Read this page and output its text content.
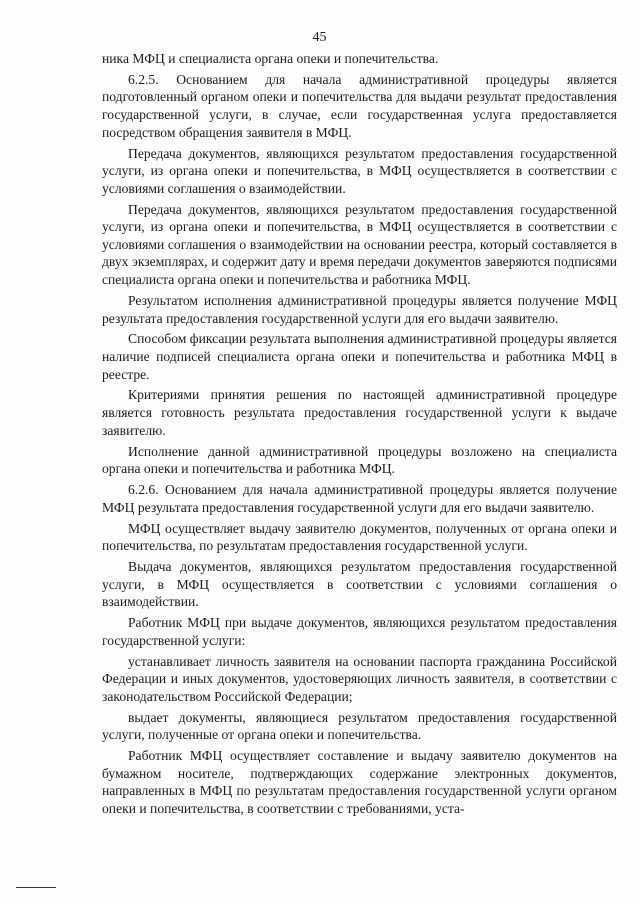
45

ника МФЦ и специалиста органа опеки и попечительства.

6.2.5. Основанием для начала административной процедуры является подготовленный органом опеки и попечительства для выдачи результат предоставления государственной услуги, в случае, если государственная услуга предоставляется посредством обращения заявителя в МФЦ.

Передача документов, являющихся результатом предоставления государственной услуги, из органа опеки и попечительства, в МФЦ осуществляется в соответствии с условиями соглашения о взаимодействии.

Передача документов, являющихся результатом предоставления государственной услуги, из органа опеки и попечительства, в МФЦ осуществляется в соответствии с условиями соглашения о взаимодействии на основании реестра, который составляется в двух экземплярах, и содержит дату и время передачи документов заверяются подписями специалиста органа опеки и попечительства и работника МФЦ.

Результатом исполнения административной процедуры является получение МФЦ результата предоставления государственной услуги для его выдачи заявителю.

Способом фиксации результата выполнения административной процедуры является наличие подписей специалиста органа опеки и попечительства и работника МФЦ в реестре.

Критериями принятия решения по настоящей административной процедуре является готовность результата предоставления государственной услуги к выдаче заявителю.

Исполнение данной административной процедуры возложено на специалиста органа опеки и попечительства и работника МФЦ.

6.2.6. Основанием для начала административной процедуры является получение МФЦ результата предоставления государственной услуги для его выдачи заявителю.

МФЦ осуществляет выдачу заявителю документов, полученных от органа опеки и попечительства, по результатам предоставления государственной услуги.

Выдача документов, являющихся результатом предоставления государственной услуги, в МФЦ осуществляется в соответствии с условиями соглашения о взаимодействии.

Работник МФЦ при выдаче документов, являющихся результатом предоставления государственной услуги:

устанавливает личность заявителя на основании паспорта гражданина Российской Федерации и иных документов, удостоверяющих личность заявителя, в соответствии с законодательством Российской Федерации;

выдает документы, являющиеся результатом предоставления государственной услуги, полученные от органа опеки и попечительства.

Работник МФЦ осуществляет составление и выдачу заявителю документов на бумажном носителе, подтверждающих содержание электронных документов, направленных в МФЦ по результатам предоставления государственной услуги органом опеки и попечительства, в соответствии с требованиями, уста-
